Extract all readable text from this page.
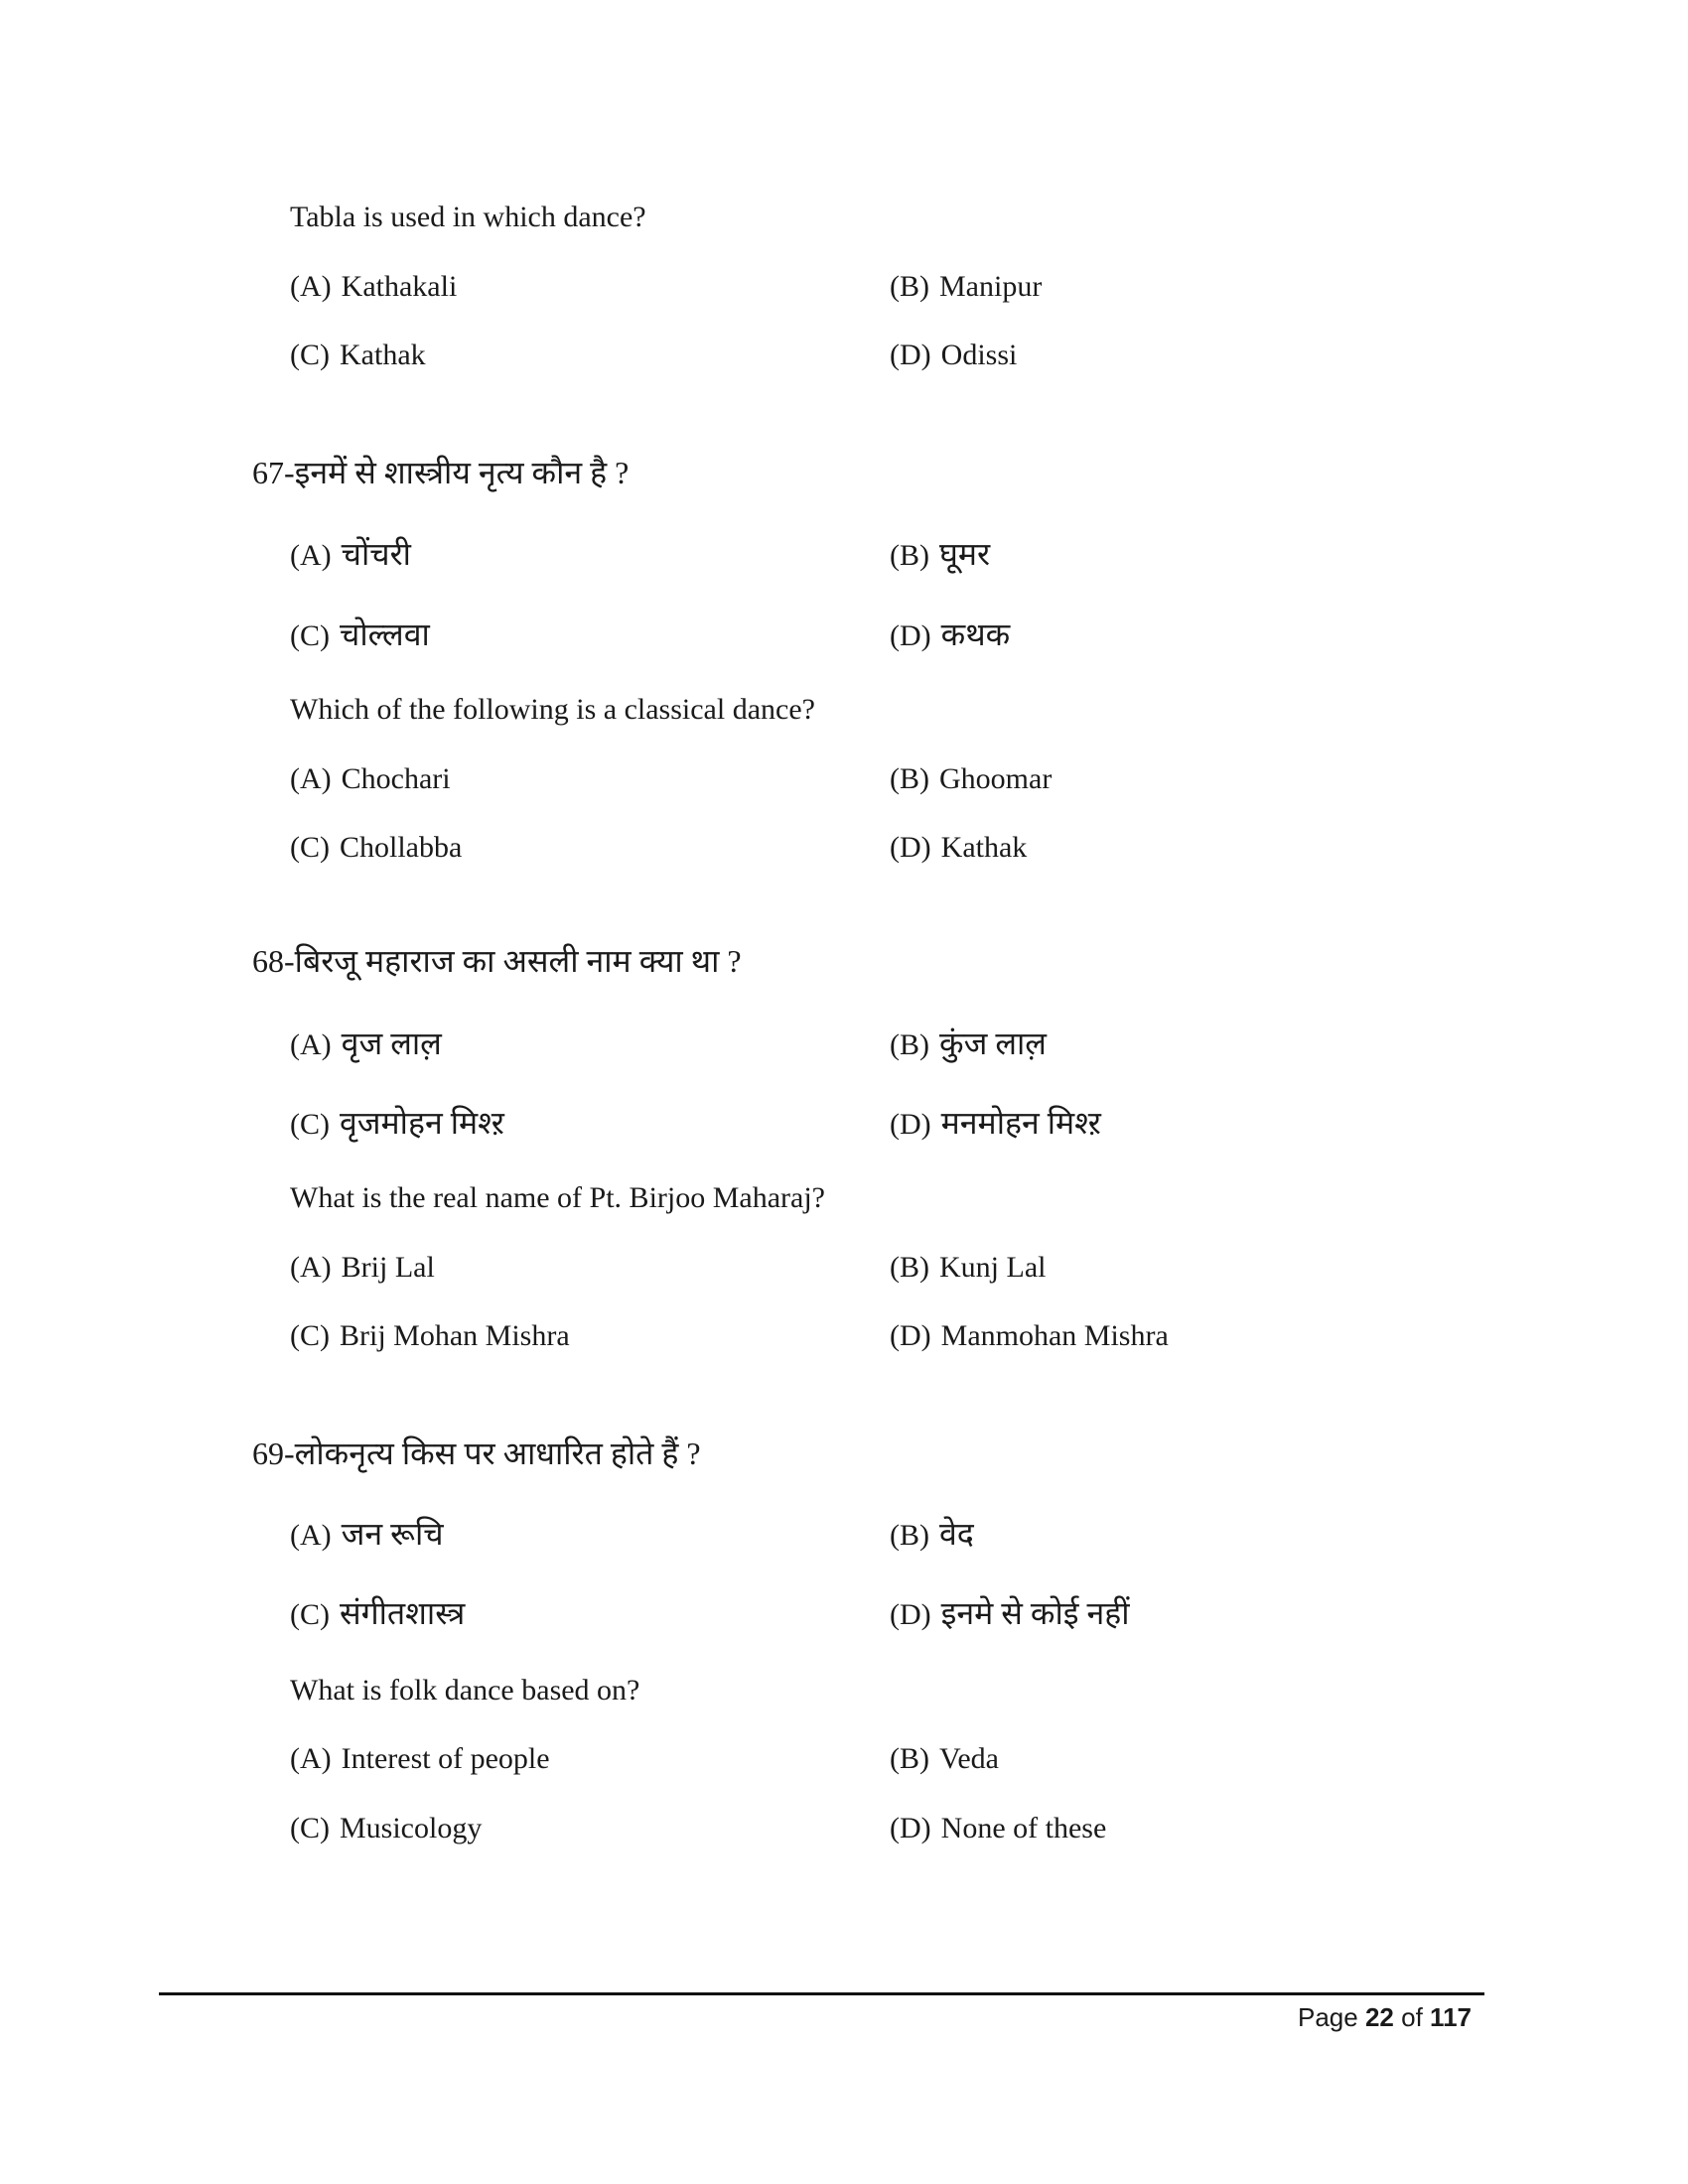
Tabla is used in which dance?
(A) Kathakali	(B) Manipur
(C) Kathak	(D) Odissi
67-इनमें से शास्त्रीय नृत्य कौन है ?
(A) चोंचरी	(B) घूमर
(C) चोल्लवा	(D) कथक
Which of the following is a classical dance?
(A) Chochari	(B) Ghoomar
(C) Chollabba	(D) Kathak
68-बिरजू महाराज का असली नाम क्या था ?
(A) वृज लाल़	(B) कुंज लाल़
(C) वृजमोहन मिश्ऱ	(D) मनमोहन मिश्ऱ
What is the real name of Pt. Birjoo Maharaj?
(A) Brij Lal	(B) Kunj Lal
(C) Brij Mohan Mishra	(D) Manmohan Mishra
69-लोकनृत्य किस पर आधारित होते हैं ?
(A) जन रूचि	(B) वेद
(C) संगीतशास्त्र	(D) इनमे से कोई नहीं
What is folk dance based on?
(A) Interest of people	(B) Veda
(C) Musicology	(D) None of these
Page 22 of 117
